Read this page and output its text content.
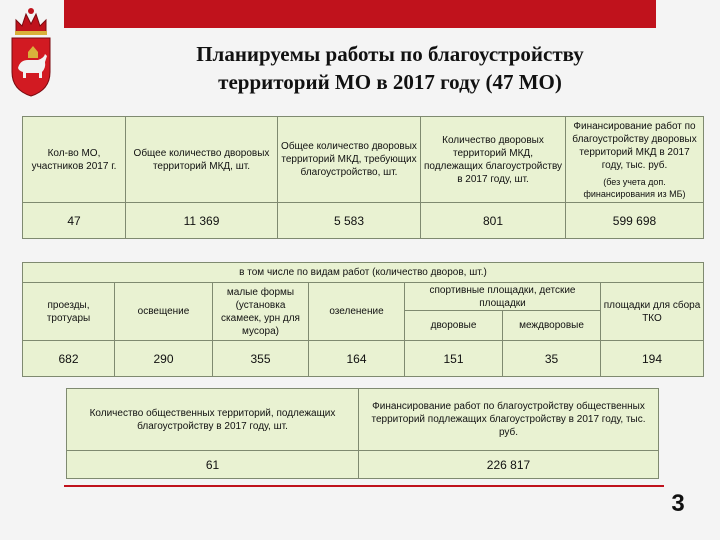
Планируемы работы по благоустройству
территорий МО в 2017 году (47 МО)
Кол-во МО, участников 2017 г.	Общее количество дворовых территорий МКД, шт.	Общее количество дворовых территорий МКД, требующих благоустройство, шт.	Количество дворовых территорий МКД, подлежащих благоустройству в 2017 году, шт.	Финансирование работ по благоустройству дворовых территорий МКД в 2017 году, тыс. руб.
(без учета доп. финансирования из МБ)

47	11 369	5 583	801	599 698
в том числе по видам работ (количество дворов, шт.)						
проезды, тротуары	освещение	малые формы (установка скамеек, урн для мусора)	озеленение	спортивные площадки, детские площадки		площадки для сбора ТКО
				дворовые	междворовые	
682	290	355	164	151	35	194
Количество общественных территорий, подлежащих благоустройству в 2017 году, шт.	Финансирование работ по благоустройству общественных территорий подлежащих благоустройству в 2017 году, тыс. руб.
61	226 817
3
